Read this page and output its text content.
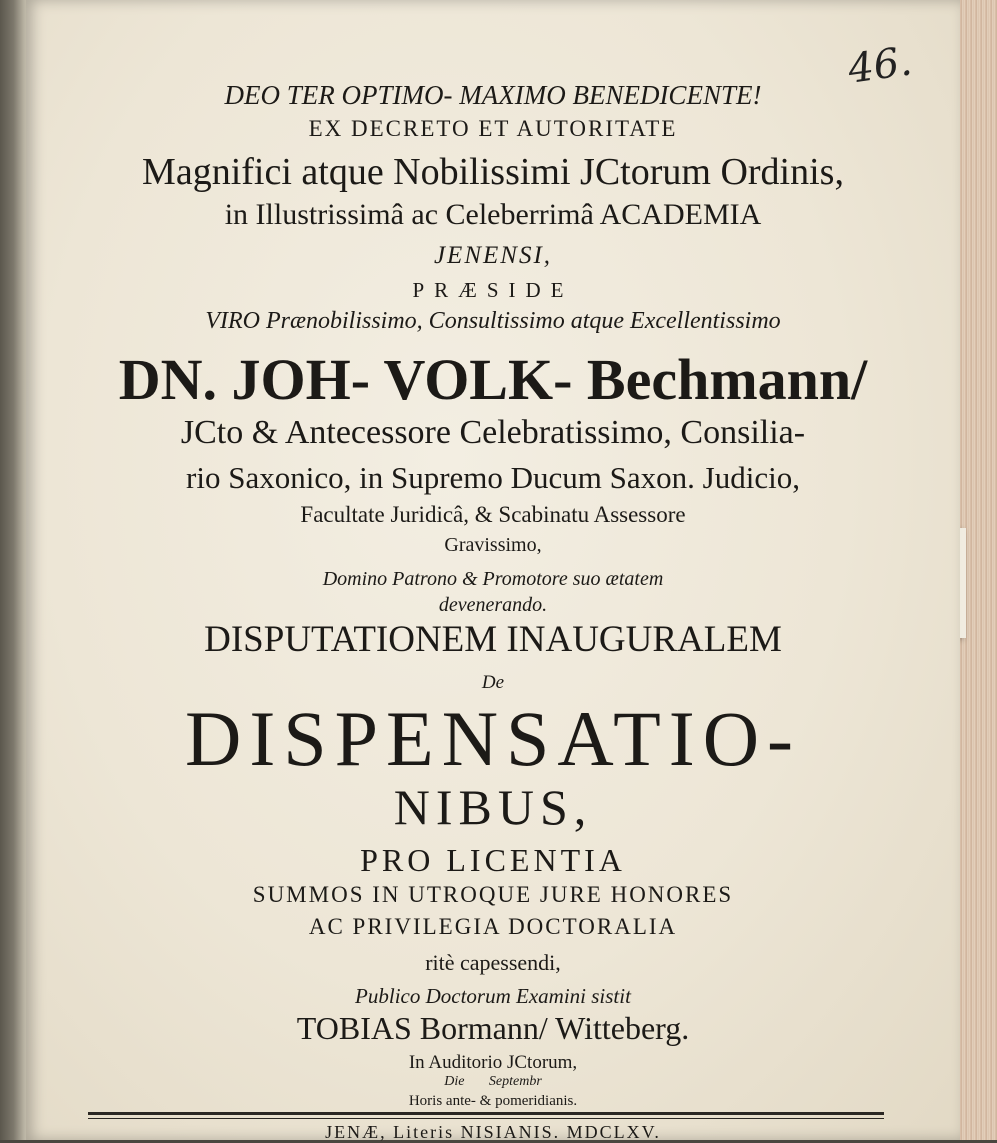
46.
DEO TER OPTIMO- MAXIMO BENEDICENTE!
EX DECRETO ET AUTORITATE
Magnifici atque Nobilissimi JCtorum Ordinis,
in Illustrissimâ ac Celeberrimâ ACADEMIA
JENENSI,
PRÆSIDE
VIRO Prænobilissimo, Consultissimo atque Excellentissimo
DN. JOH- VOLK- Bechmann/
JCto & Antecessore Celebratissimo, Consilia-
rio Saxonico, in Supremo Ducum Saxon. Judicio,
Facultate Juridicâ, & Scabinatu Assessore
Gravissimo,
Domino Patrono & Promotore suo ætatem
devenerando.
DISPUTATIONEM INAUGURALEM
De
DISPENSATIO-
NIBUS,
PRO LICENTIA
SUMMOS IN UTROQUE JURE HONORES
AC PRIVILEGIA DOCTORALIA
ritè capessendi,
Publico Doctorum Examini sistit
TOBIAS Bormann/ Witteberg.
In Auditorio JCtorum,
Die       Septembr
Horis ante- & pomeridianis.
JENÆ, Literis NISIANIS. MDCLXV.
